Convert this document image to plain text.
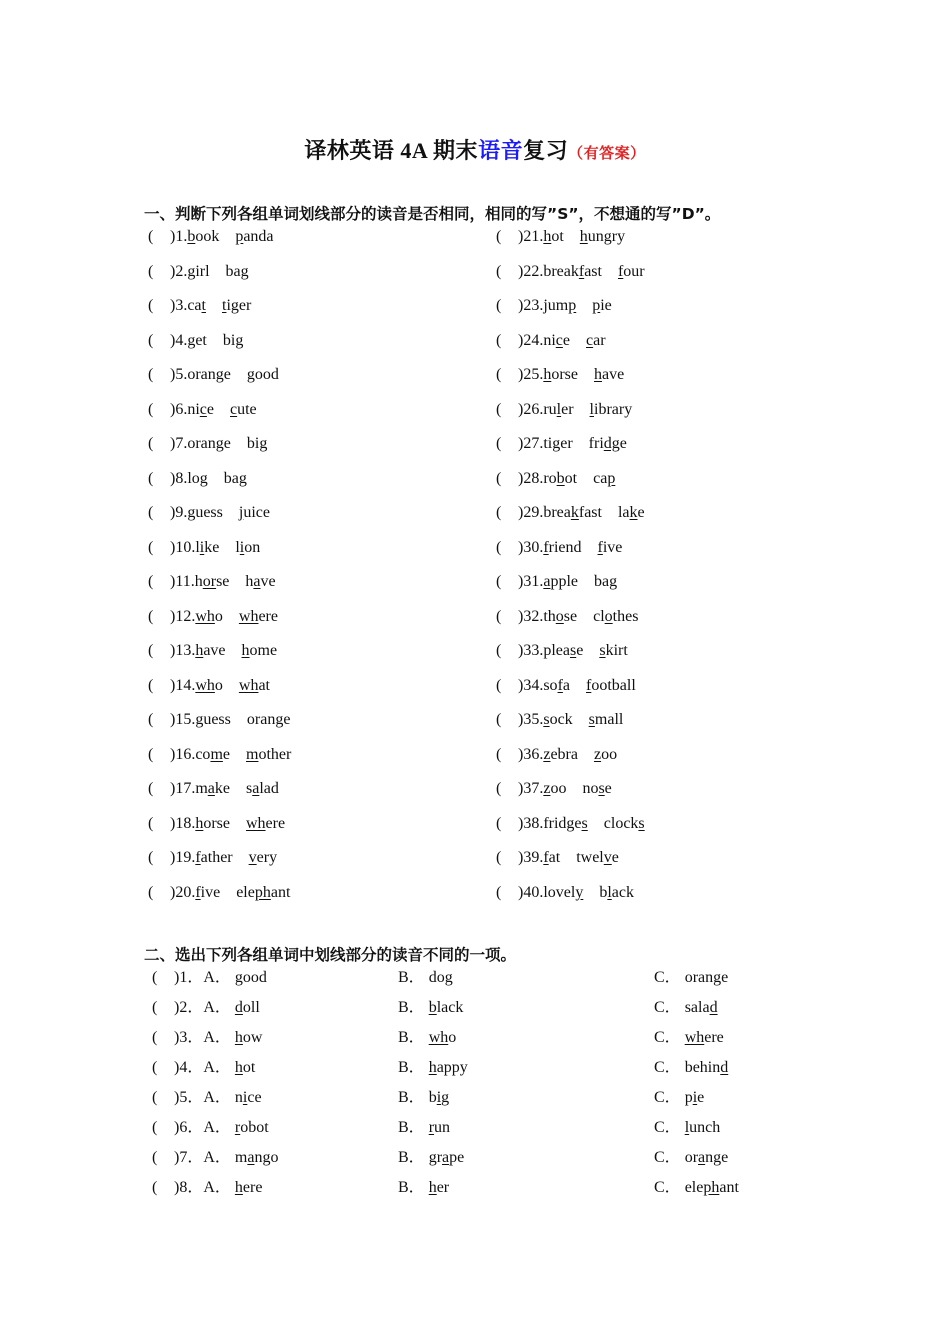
译林英语 4A 期末语音复习（有答案）
一、判断下列各组单词划线部分的读音是否相同，相同的写”S”，不想通的写”D”。
( )1.book panda
( )2.girl bag
( )3.cat tiger
( )4.get big
( )5.orange good
( )6.nice cute
( )7.orange big
( )8.log bag
( )9.guess juice
( )10.like lion
( )11.horse have
( )12.who where
( )13.have home
( )14.who what
( )15.guess orange
( )16.come mother
( )17.make salad
( )18.horse where
( )19.father very
( )20.five elephant
( )21.hot hungry
( )22.breakfast four
( )23.jump pie
( )24.nice car
( )25.horse have
( )26.ruler library
( )27.tiger fridge
( )28.robot cap
( )29.breakfast lake
( )30.friend five
( )31.apple bag
( )32.those clothes
( )33.please skirt
( )34.sofa football
( )35.sock small
( )36.zebra zoo
( )37.zoo nose
( )38.fridges clocks
( )39.fat twelve
( )40.lovely black
二、选出下列各组单词中划线部分的读音不同的一项。
( )1．A． good	B． dog	C． orange
( )2．A． doll	B． black	C． salad
( )3．A． how	B． who	C． where
( )4．A． hot	B． happy	C． behind
( )5．A． nice	B． big	C． pie
( )6．A． robot	B． run	C． lunch
( )7．A． mango	B． grape	C． orange
( )8．A． here	B． her	C． elephant
